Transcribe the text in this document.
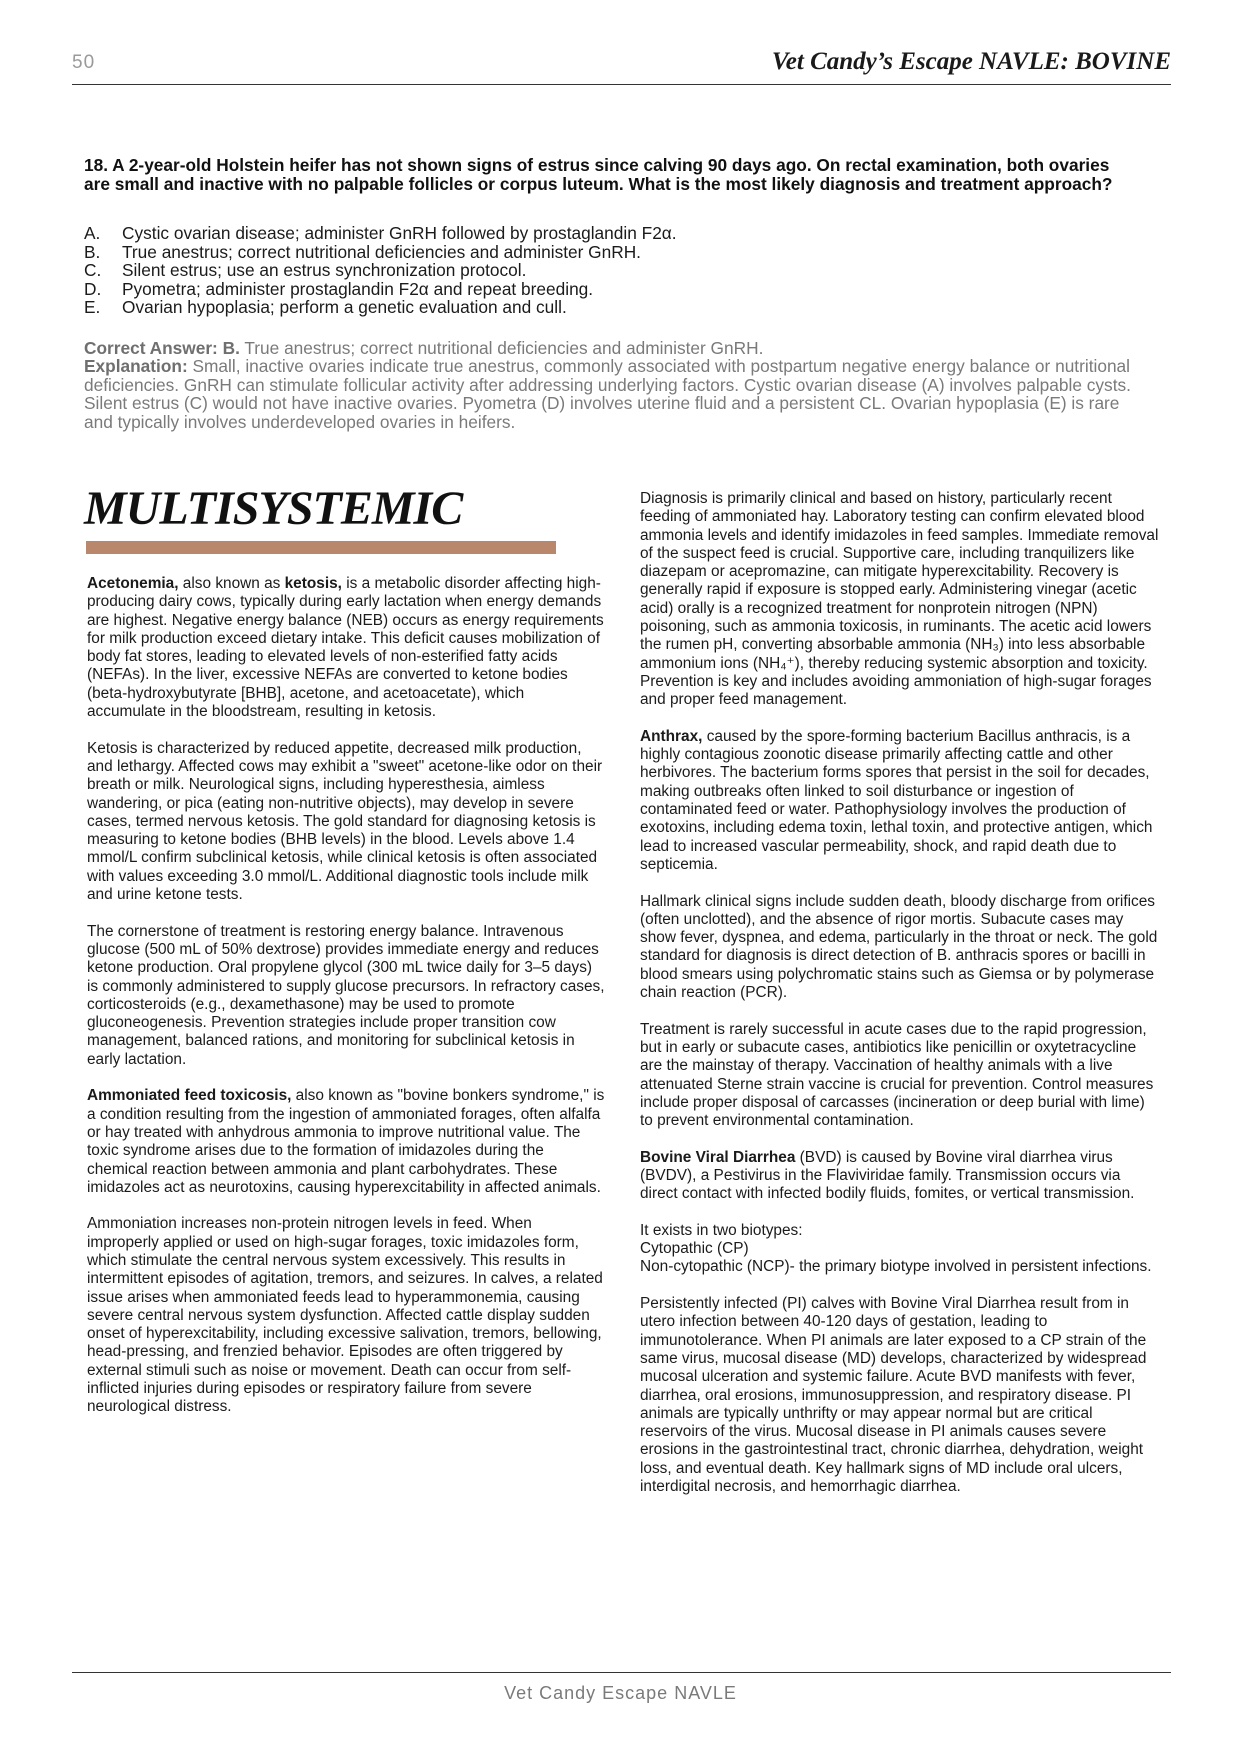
50	Vet Candy’s Escape NAVLE: BOVINE

18. A 2-year-old Holstein heifer has not shown signs of estrus since calving 90 days ago. On rectal examination, both ovaries are small and inactive with no palpable follicles or corpus luteum. What is the most likely diagnosis and treatment approach?

A.	Cystic ovarian disease; administer GnRH followed by prostaglandin F2α.
B.	True anestrus; correct nutritional deficiencies and administer GnRH.
C.	Silent estrus; use an estrus synchronization protocol.
D.	Pyometra; administer prostaglandin F2α and repeat breeding.
E.	Ovarian hypoplasia; perform a genetic evaluation and cull.
Correct Answer: B. True anestrus; correct nutritional deficiencies and administer GnRH.
Explanation: Small, inactive ovaries indicate true anestrus, commonly associated with postpartum negative energy balance or nutritional deficiencies. GnRH can stimulate follicular activity after addressing underlying factors. Cystic ovarian disease (A) involves palpable cysts. Silent estrus (C) would not have inactive ovaries. Pyometra (D) involves uterine fluid and a persistent CL. Ovarian hypoplasia (E) is rare and typically involves underdeveloped ovaries in heifers.
MULTISYSTEMIC

Acetonemia, also known as ketosis, is a metabolic disorder affecting high-producing dairy cows, typically during early lactation when energy demands are highest. Negative energy balance (NEB) occurs as energy requirements for milk production exceed dietary intake. This deficit causes mobilization of body fat stores, leading to elevated levels of non-esterified fatty acids (NEFAs). In the liver, excessive NEFAs are converted to ketone bodies (beta-hydroxybutyrate [BHB], acetone, and acetoacetate), which accumulate in the bloodstream, resulting in ketosis.

Ketosis is characterized by reduced appetite, decreased milk production, and lethargy. Affected cows may exhibit a "sweet" acetone-like odor on their breath or milk. Neurological signs, including hyperesthesia, aimless wandering, or pica (eating non-nutritive objects), may develop in severe cases, termed nervous ketosis. The gold standard for diagnosing ketosis is measuring to ketone bodies (BHB levels) in the blood. Levels above 1.4 mmol/L confirm subclinical ketosis, while clinical ketosis is often associated with values exceeding 3.0 mmol/L. Additional diagnostic tools include milk and urine ketone tests.

The cornerstone of treatment is restoring energy balance. Intravenous glucose (500 mL of 50% dextrose) provides immediate energy and reduces ketone production. Oral propylene glycol (300 mL twice daily for 3–5 days) is commonly administered to supply glucose precursors. In refractory cases, corticosteroids (e.g., dexamethasone) may be used to promote gluconeogenesis. Prevention strategies include proper transition cow management, balanced rations, and monitoring for subclinical ketosis in early lactation.

Ammoniated feed toxicosis, also known as "bovine bonkers syndrome," is a condition resulting from the ingestion of ammoniated forages, often alfalfa or hay treated with anhydrous ammonia to improve nutritional value. The toxic syndrome arises due to the formation of imidazoles during the chemical reaction between ammonia and plant carbohydrates. These imidazoles act as neurotoxins, causing hyperexcitability in affected animals.

Ammoniation increases non-protein nitrogen levels in feed. When improperly applied or used on high-sugar forages, toxic imidazoles form, which stimulate the central nervous system excessively. This results in intermittent episodes of agitation, tremors, and seizures. In calves, a related issue arises when ammoniated feeds lead to hyperammonemia, causing severe central nervous system dysfunction. Affected cattle display sudden onset of hyperexcitability, including excessive salivation, tremors, bellowing, head-pressing, and frenzied behavior. Episodes are often triggered by external stimuli such as noise or movement. Death can occur from self-inflicted injuries during episodes or respiratory failure from severe neurological distress.

Diagnosis is primarily clinical and based on history, particularly recent feeding of ammoniated hay. Laboratory testing can confirm elevated blood ammonia levels and identify imidazoles in feed samples. Immediate removal of the suspect feed is crucial. Supportive care, including tranquilizers like diazepam or acepromazine, can mitigate hyperexcitability. Recovery is generally rapid if exposure is stopped early. Administering vinegar (acetic acid) orally is a recognized treatment for nonprotein nitrogen (NPN) poisoning, such as ammonia toxicosis, in ruminants. The acetic acid lowers the rumen pH, converting absorbable ammonia (NH₃) into less absorbable ammonium ions (NH₄⁺), thereby reducing systemic absorption and toxicity. Prevention is key and includes avoiding ammoniation of high-sugar forages and proper feed management.

Anthrax, caused by the spore-forming bacterium Bacillus anthracis, is a highly contagious zoonotic disease primarily affecting cattle and other herbivores. The bacterium forms spores that persist in the soil for decades, making outbreaks often linked to soil disturbance or ingestion of contaminated feed or water. Pathophysiology involves the production of exotoxins, including edema toxin, lethal toxin, and protective antigen, which lead to increased vascular permeability, shock, and rapid death due to septicemia.

Hallmark clinical signs include sudden death, bloody discharge from orifices (often unclotted), and the absence of rigor mortis. Subacute cases may show fever, dyspnea, and edema, particularly in the throat or neck. The gold standard for diagnosis is direct detection of B. anthracis spores or bacilli in blood smears using polychromatic stains such as Giemsa or by polymerase chain reaction (PCR).

Treatment is rarely successful in acute cases due to the rapid progression, but in early or subacute cases, antibiotics like penicillin or oxytetracycline are the mainstay of therapy. Vaccination of healthy animals with a live attenuated Sterne strain vaccine is crucial for prevention. Control measures include proper disposal of carcasses (incineration or deep burial with lime) to prevent environmental contamination.

Bovine Viral Diarrhea (BVD) is caused by Bovine viral diarrhea virus (BVDV), a Pestivirus in the Flaviviridae family. Transmission occurs via direct contact with infected bodily fluids, fomites, or vertical transmission.

It exists in two biotypes:

Cytopathic (CP)

Non-cytopathic (NCP)- the primary biotype involved in persistent infections.

Persistently infected (PI) calves with Bovine Viral Diarrhea result from in utero infection between 40-120 days of gestation, leading to immunotolerance. When PI animals are later exposed to a CP strain of the same virus, mucosal disease (MD) develops, characterized by widespread mucosal ulceration and systemic failure. Acute BVD manifests with fever, diarrhea, oral erosions, immunosuppression, and respiratory disease. PI animals are typically unthrifty or may appear normal but are critical reservoirs of the virus. Mucosal disease in PI animals causes severe erosions in the gastrointestinal tract, chronic diarrhea, dehydration, weight loss, and eventual death. Key hallmark signs of MD include oral ulcers, interdigital necrosis, and hemorrhagic diarrhea.

Vet Candy Escape NAVLE
